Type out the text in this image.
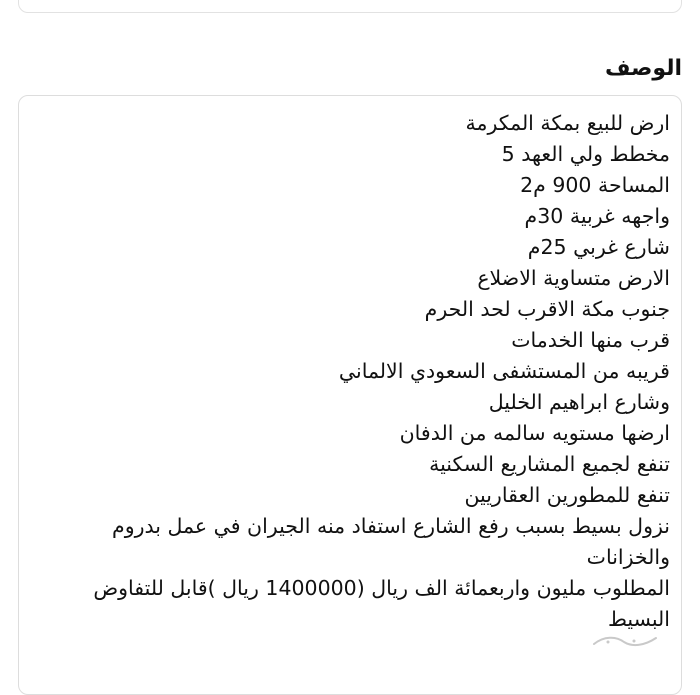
الوصف
ارض للبيع بمكة المكرمة
مخطط ولي العهد 5
المساحة 900 م2
واجهه غربية 30م
شارع غربي 25م
الارض متساوية الاضلاع
جنوب مكة الاقرب لحد الحرم
قرب منها الخدمات
قريبه من المستشفى السعودي الالماني
وشارع ابراهيم الخليل
ارضها مستويه سالمه من الدفان
تنفع لجميع المشاريع السكنية
تنفع للمطورين العقاريين
نزول بسيط بسبب رفع الشارع استفاد منه الجيران في عمل بدروم والخزانات
المطلوب مليون واربعمائة الف ريال (1400000 ريال )قابل للتفاوض البسيط
